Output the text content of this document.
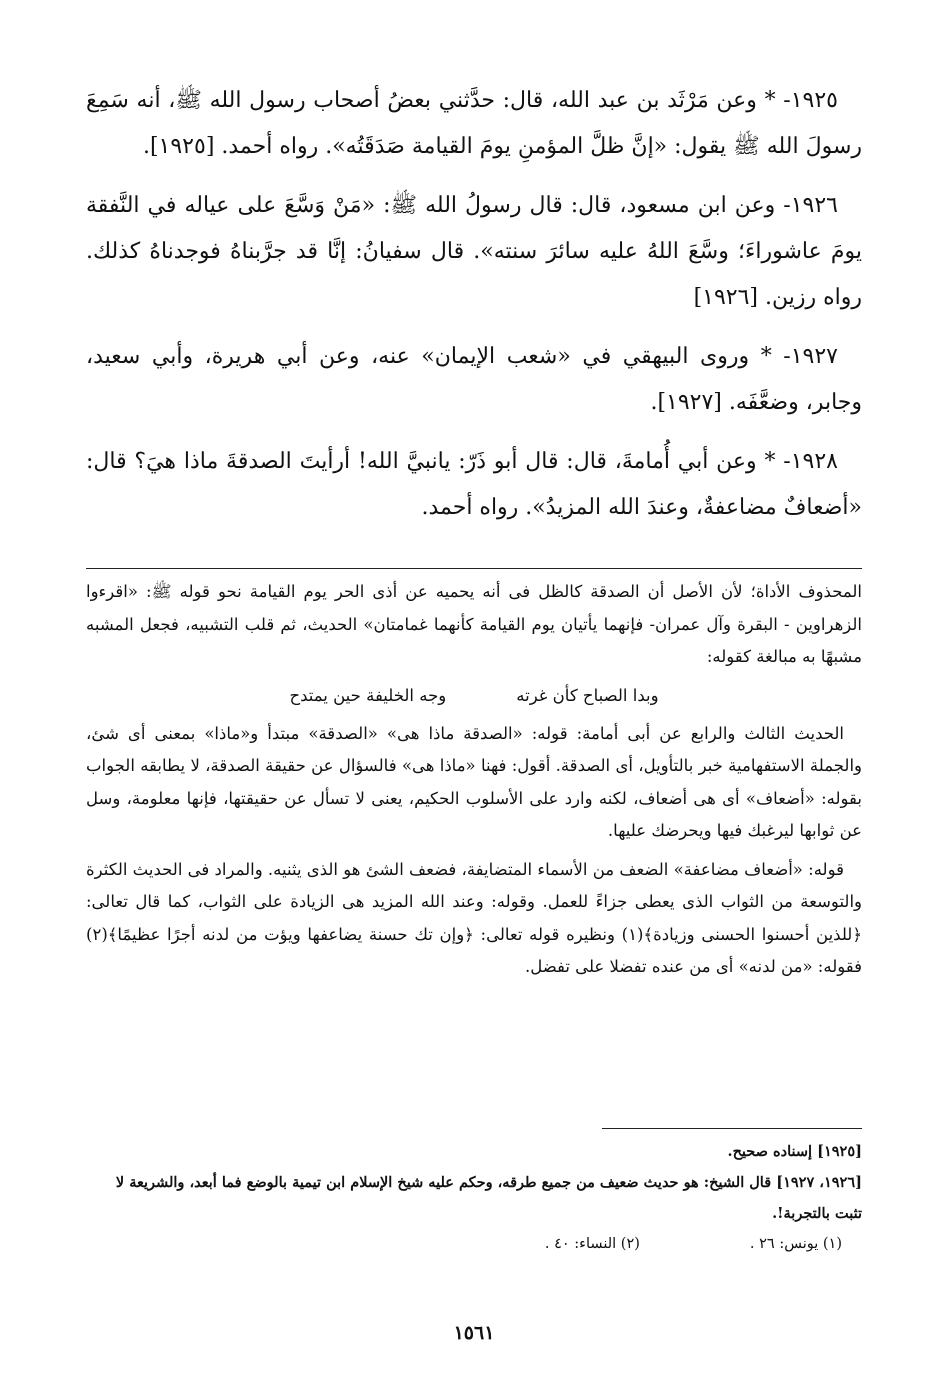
١٩٢٥- * وعن مَرْثَد بن عبد الله، قال: حدَّثني بعضُ أصحاب رسول الله ﷺ، أنه سَمِعَ رسولَ الله ﷺ يقول: «إنَّ ظلَّ المؤمنِ يومَ القيامة صَدَقَتُه». رواه أحمد. [١٩٢٥].

١٩٢٦- وعن ابن مسعود، قال: قال رسولُ الله ﷺ: «مَنْ وَسَّعَ على عياله في النَّفقة يومَ عاشوراءَ؛ وسَّعَ اللهُ عليه سائرَ سنته». قال سفيانُ: إنَّا قد جرَّبناهُ فوجدناهُ كذلك. رواه رزين. [١٩٢٦]

١٩٢٧- * وروى البيهقي في «شعب الإيمان» عنه، وعن أبي هريرة، وأبي سعيد، وجابر، وضعَّفَه. [١٩٢٧].

١٩٢٨- * وعن أبي أُمامةَ، قال: قال أبو ذَرّ: يانبيَّ الله! أرأيتَ الصدقةَ ماذا هيَ؟ قال: «أضعافٌ مضاعفةٌ، وعندَ الله المزيدُ». رواه أحمد.

المحذوف الأداة؛ لأن الأصل أن الصدقة كالظل فى أنه يحميه عن أذى الحر يوم القيامة نحو قوله ﷺ: «اقرءوا الزهراوين - البقرة وآل عمران- فإنهما يأتيان يوم القيامة كأنهما غمامتان» الحديث، ثم قلب التشبيه، فجعل المشبه مشبهًا به مبالغة كقوله:

وبدا الصباح كأن غرته
وجه الخليفة حين يمتدح

الحديث الثالث والرابع عن أبى أمامة: قوله: «الصدقة ماذا هى» «الصدقة» مبتدأ و«ماذا» بمعنى أى شئ، والجملة الاستفهامية خبر بالتأويل، أى الصدقة. أقول: فهنا «ماذا هى» فالسؤال عن حقيقة الصدقة، لا يطابقه الجواب بقوله: «أضعاف» أى هى أضعاف، لكنه وارد على الأسلوب الحكيم، يعنى لا تسأل عن حقيقتها، فإنها معلومة، وسل عن ثوابها ليرغبك فيها ويحرضك عليها.

قوله: «أضعاف مضاعفة» الضعف من الأسماء المتضايفة، فضعف الشئ هو الذى يثنيه. والمراد فى الحديث الكثرة والتوسعة من الثواب الذى يعطى جزاءً للعمل. وقوله: وعند الله المزيد هى الزيادة على الثواب، كما قال تعالى: ﴿للذين أحسنوا الحسنى وزيادة﴾(١) ونظيره قوله تعالى: ﴿وإن تك حسنة يضاعفها ويؤت من لدنه أجرًا عظيمًا﴾(٢) فقوله: «من لدنه» أى من عنده تفضلا على تفضل.

[١٩٢٥] إسناده صحيح.

[١٩٢٦، ١٩٢٧] قال الشيخ: هو حديث ضعيف من جميع طرقه، وحكم عليه شيخ الإسلام ابن تيمية بالوضع فما أبعد، والشريعة لا تثبت بالتجربة!.

(١) يونس: ٢٦ .
(٢) النساء: ٤٠ .
١٥٦١
